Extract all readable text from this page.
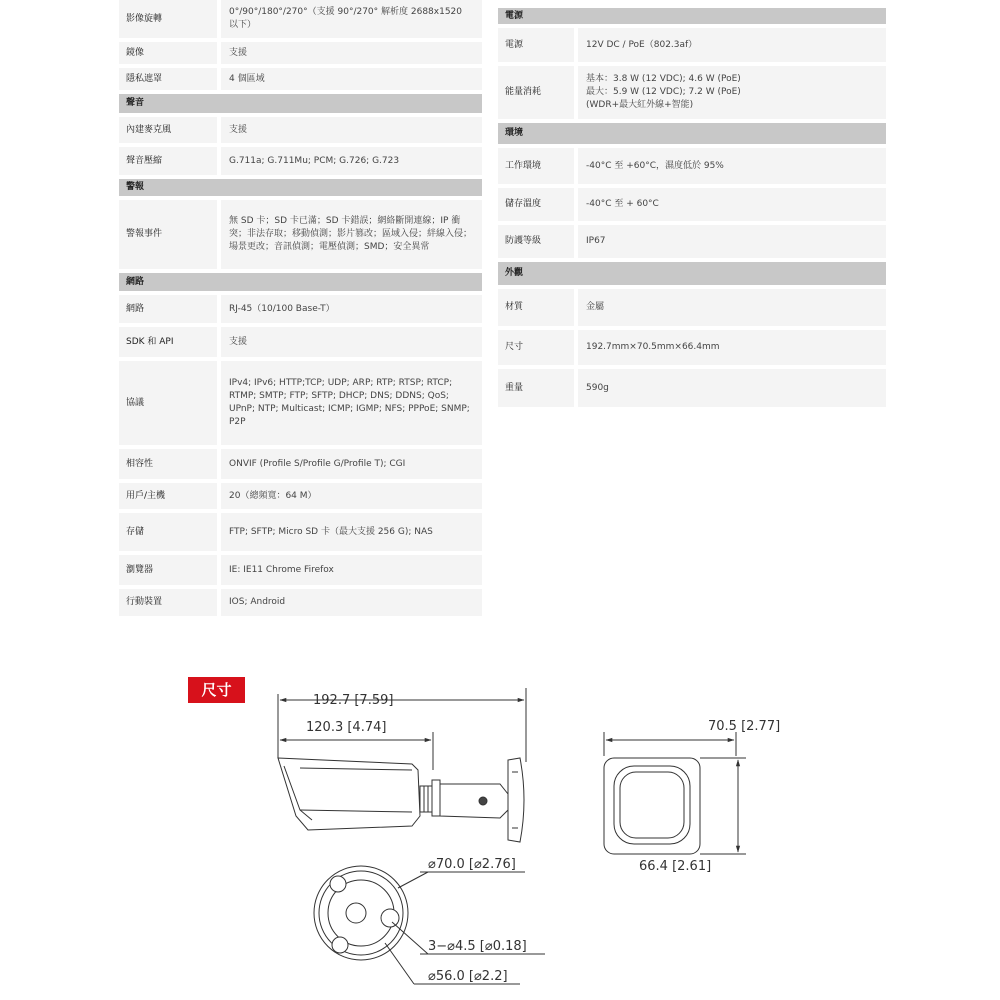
影像旋轉	0°/90°/180°/270°（支援 90°/270° 解析度 2688x1520 以下）
鏡像	支援
隱私遮罩	4 個區域
聲音	
內建麥克風	支援
聲音壓縮	G.711a; G.711Mu; PCM; G.726; G.723
警報	
警報事件	無 SD 卡；SD 卡已滿；SD 卡錯誤；網絡斷開連線；IP 衝突；非法存取；移動偵測；影片篡改；區域入侵；絆線入侵；場景更改；音訊偵測；電壓偵測；SMD；安全異常
網路	
網路	RJ-45（10/100 Base-T）
SDK 和 API	支援
協議	IPv4; IPv6; HTTP;TCP; UDP; ARP; RTP; RTSP; RTCP; RTMP; SMTP; FTP; SFTP; DHCP; DNS; DDNS; QoS; UPnP; NTP; Multicast; ICMP; IGMP; NFS; PPPoE; SNMP; P2P
相容性	ONVIF (Profile S/Profile G/Profile T); CGI
用戶/主機	20（總頻寬：64 M）
存儲	FTP; SFTP; Micro SD 卡（最大支援 256 G); NAS
瀏覽器	IE: IE11 Chrome Firefox
行動裝置	IOS; Android
電源	
電源	12V DC / PoE（802.3af）
能量消耗	基本：3.8 W (12 VDC); 4.6 W (PoE)
最大：5.9 W (12 VDC); 7.2 W (PoE)
(WDR+最大紅外線+智能)
環境	
工作環境	-40°C 至 +60°C，濕度低於 95%
儲存溫度	-40°C 至 + 60°C
防護等級	IP67
外觀	
材質	金屬
尺寸	192.7mm×70.5mm×66.4mm
重量	590g
尺寸
192.7 [7.59]
120.3 [4.74]	70.5 [2.77]
66.4 [2.61]
⌀70.0 [⌀2.76]
3−⌀4.5 [⌀0.18]
⌀56.0 [⌀2.2]
